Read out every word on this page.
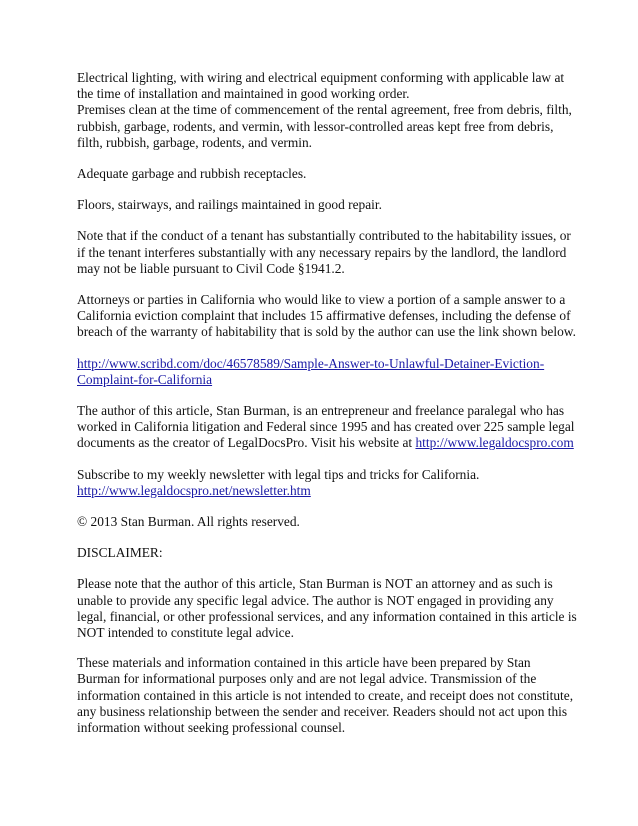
Electrical lighting, with wiring and electrical equipment conforming with applicable law at the time of installation and maintained in good working order.

Premises clean at the time of commencement of the rental agreement, free from debris, filth, rubbish, garbage, rodents, and vermin, with lessor-controlled areas kept free from debris, filth, rubbish, garbage, rodents, and vermin.

Adequate garbage and rubbish receptacles.

Floors, stairways, and railings maintained in good repair.

Note that if the conduct of a tenant has substantially contributed to the habitability issues, or if the tenant interferes substantially with any necessary repairs by the landlord, the landlord may not be liable pursuant to Civil Code §1941.2.

Attorneys or parties in California who would like to view a portion of a sample answer to a California eviction complaint that includes 15 affirmative defenses, including the defense of breach of the warranty of habitability that is sold by the author can use the link shown below.

http://www.scribd.com/doc/46578589/Sample-Answer-to-Unlawful-Detainer-Eviction-Complaint-for-California

The author of this article, Stan Burman, is an entrepreneur and freelance paralegal who has worked in California litigation and Federal since 1995 and has created over 225 sample legal documents as the creator of LegalDocsPro. Visit his website at http://www.legaldocspro.com

Subscribe to my weekly newsletter with legal tips and tricks for California.
http://www.legaldocspro.net/newsletter.htm

© 2013 Stan Burman. All rights reserved.

DISCLAIMER:

Please note that the author of this article, Stan Burman is NOT an attorney and as such is unable to provide any specific legal advice. The author is NOT engaged in providing any legal, financial, or other professional services, and any information contained in this article is NOT intended to constitute legal advice.

These materials and information contained in this article have been prepared by Stan Burman for informational purposes only and are not legal advice. Transmission of the information contained in this article is not intended to create, and receipt does not constitute, any business relationship between the sender and receiver. Readers should not act upon this information without seeking professional counsel.
